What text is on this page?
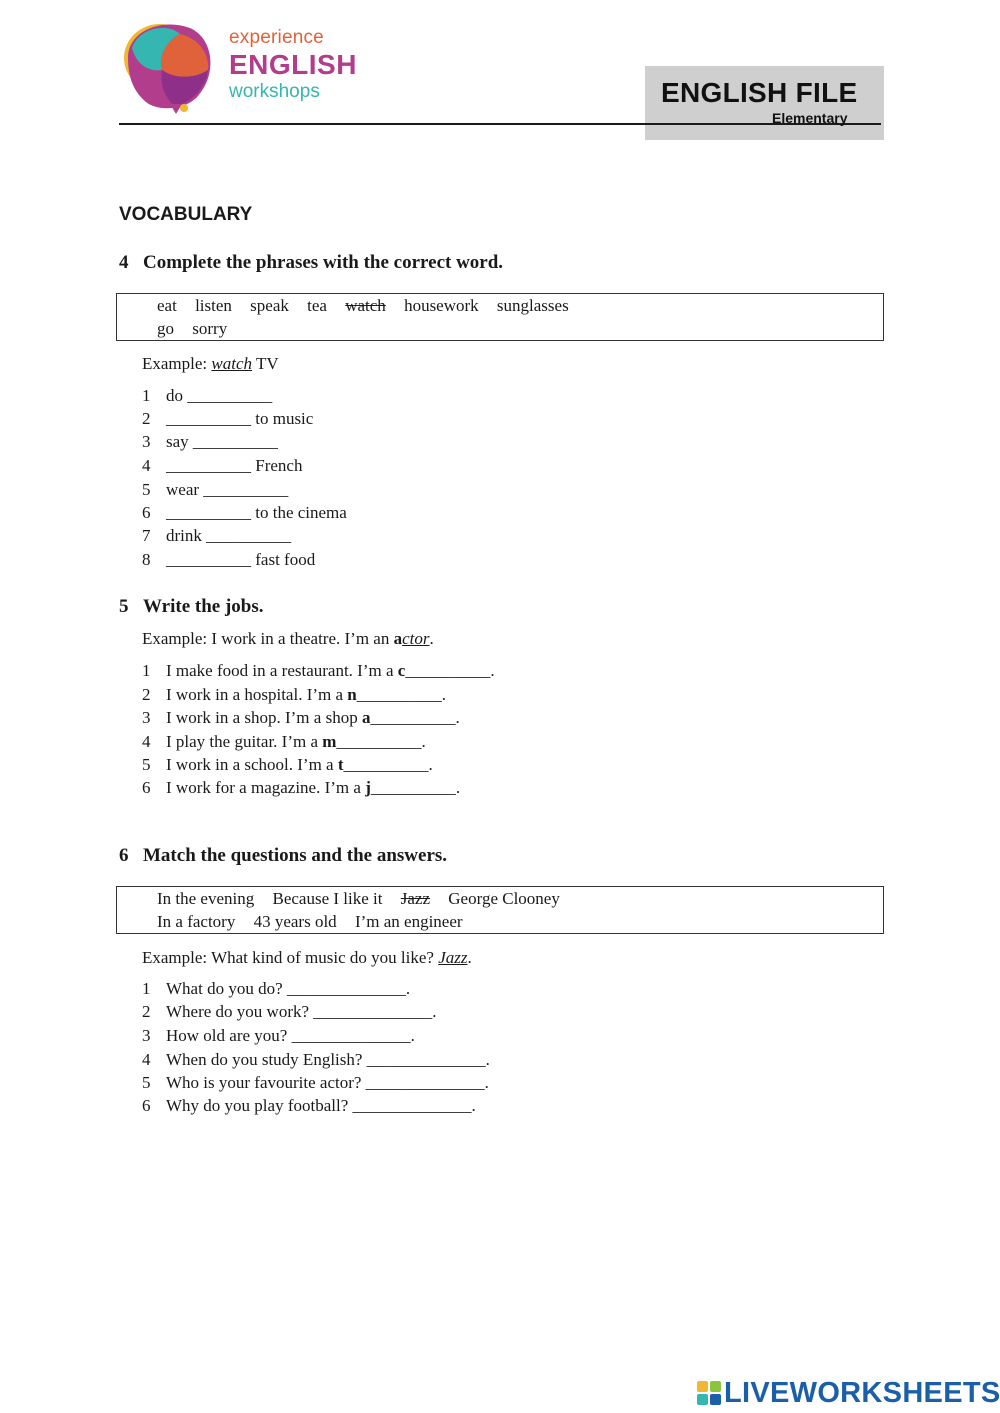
experience
ENGLISH
workshops	ENGLISH FILE
Elementary
VOCABULARY
4 Complete the phrases with the correct word.
eat listen speak tea watch housework sunglasses
go sorry
Example: watch TV
1 do __________
2 __________ to music
3 say __________
4 __________ French
5 wear __________
6 __________ to the cinema
7 drink __________
8 __________ fast food
5 Write the jobs.
Example: I work in a theatre. I’m an actor.
1 I make food in a restaurant. I’m a c__________.
2 I work in a hospital. I’m a n__________.
3 I work in a shop. I’m a shop a__________.
4 I play the guitar. I’m a m__________.
5 I work in a school. I’m a t__________.
6 I work for a magazine. I’m a j__________.
6 Match the questions and the answers.
In the evening Because I like it Jazz George Clooney
In a factory 43 years old I’m an engineer
Example: What kind of music do you like? Jazz.
1 What do you do? ______________.
2 Where do you work? ______________.
3 How old are you? ______________.
4 When do you study English? ______________.
5 Who is your favourite actor? ______________.
6 Why do you play football? ______________.
LIVEWORKSHEETS
